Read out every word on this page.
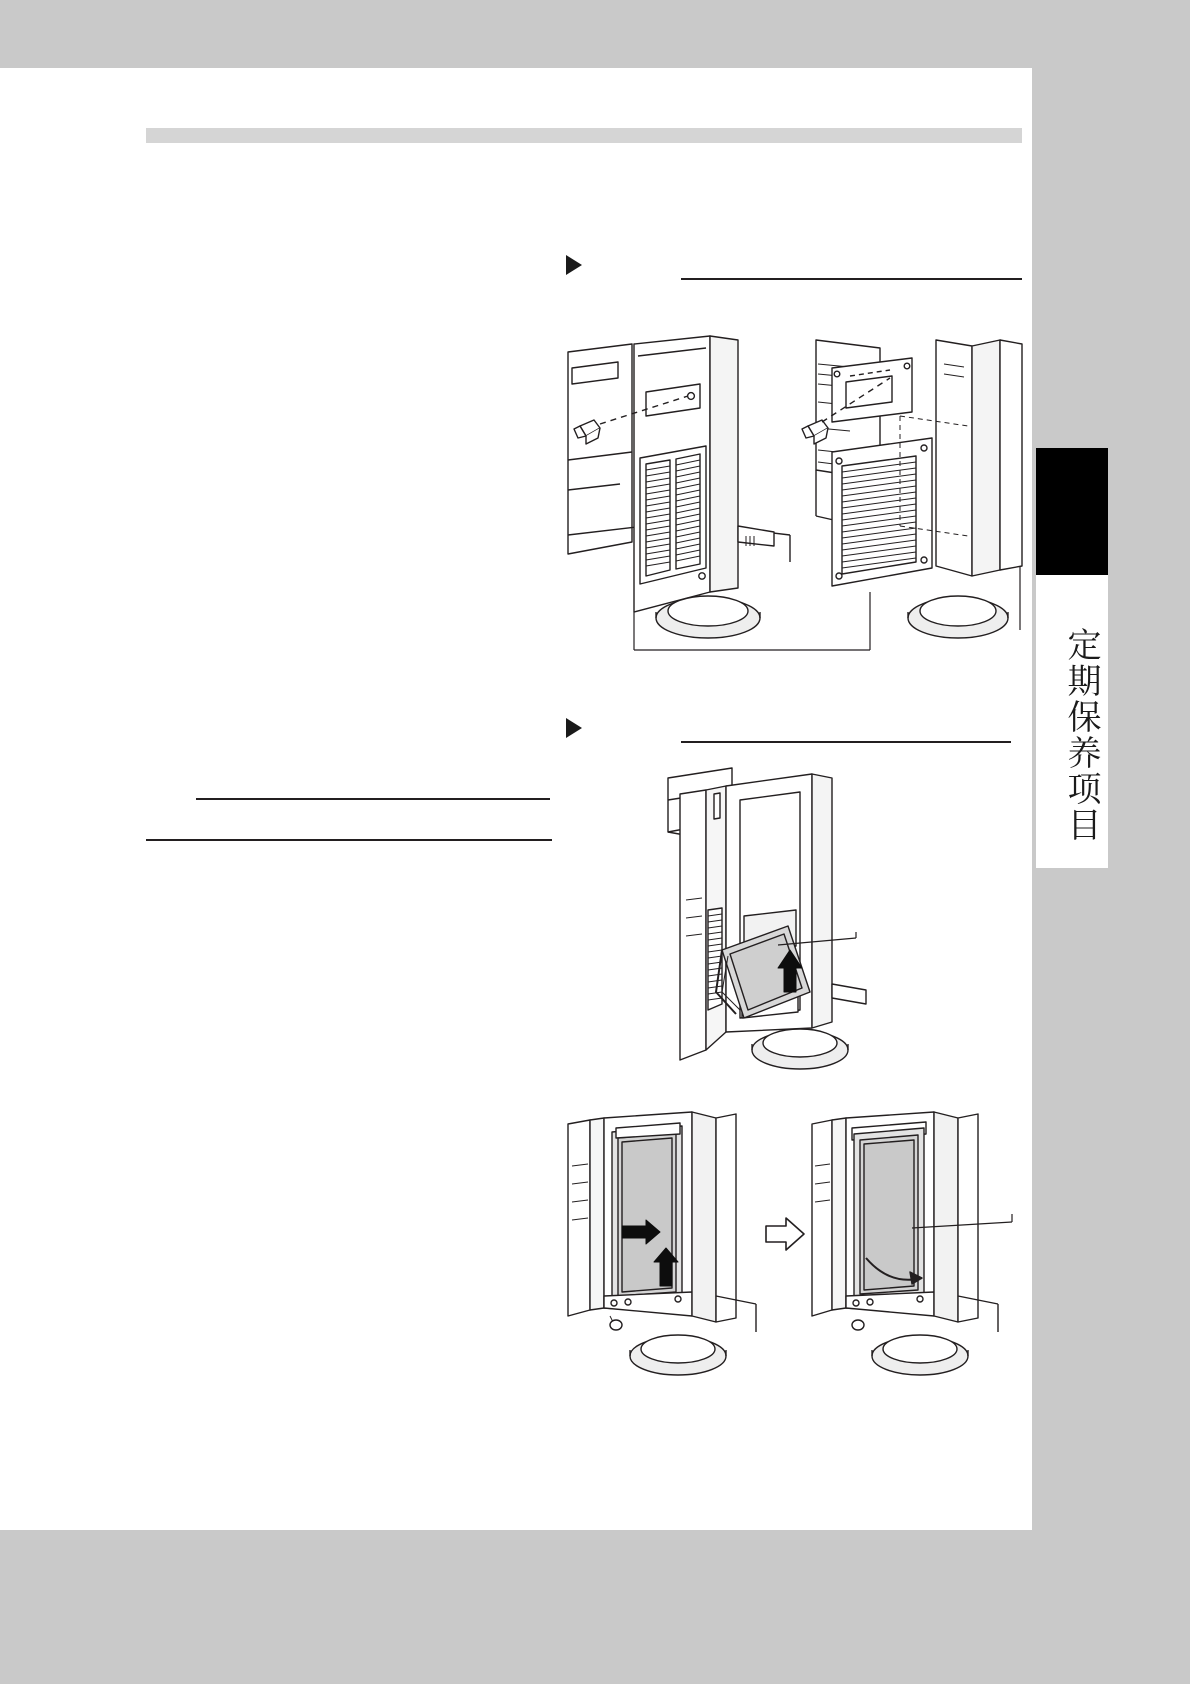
定期保养项目
